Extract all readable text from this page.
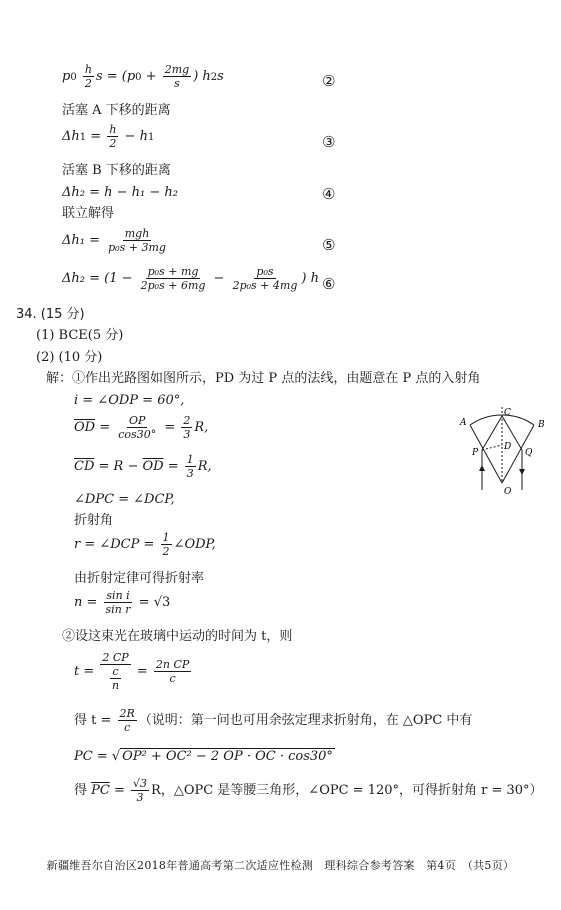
$p0 \frac{h}{2}$ $s = (p0 + \frac{2mg}{s}$ ) h2s	②
活塞 A 下移的距离
$\Delta h1 = \frac{h}{2} - h1$	③
活塞 B 下移的距离
Δh₂ = h − h₁ − h₂	④
联立解得
Δh₁ = mgh
p₀s + 3mg	⑤
$\Delta h_2 = (1 - \frac{\text{p₀s + mg}}{\text{2p₀s + 6mg}} - \frac{\text{p₀s}}{\text{2p₀s + 4mg}}$ ) h ⑥
34. (15 分)
(1) BCE(5 分)
(2) (10 分)
解：①作出光路图如图所示，PD 为过 P 点的法线，由题意在 P 点的入射角
i = ∠ODP = 60°,
$\overline{OD} = \frac{OP}{\cos 30^\circ} = \frac{2}{3} R$,
$\overline{CD} = R - \overline{OD} = \frac{1}{3} R$,
∠DPC = ∠DCP,
折射角
r = ∠DCP = $\frac{1}{2}$ ∠ODP,
由折射定律可得折射率
$n = \frac{\text{sin i}}{\text{sin r}} = √3$
②设这束光在玻璃中运动的时间为 t，则
$t = \frac{2 CP}{\frac{c}{n}} = \frac{\text{2n CP}}{c}$
得 $t = \frac{2R}{c}$ （说明：第一问也可用余弦定理求折射角，在 △OPC 中有
PC = √ OP² + OC² − 2 OP · OC · cos30°
得 $\overline{PC} = \frac{√3}{3}$ R，△OPC 是等腰三角形，∠OPC = 120°，可得折射角 r = 30°）
A	B
C
D
P	Q
O
新疆维吾尔自治区2018年普通高考第二次适应性检测　理科综合参考答案　第4页　（共5页）
